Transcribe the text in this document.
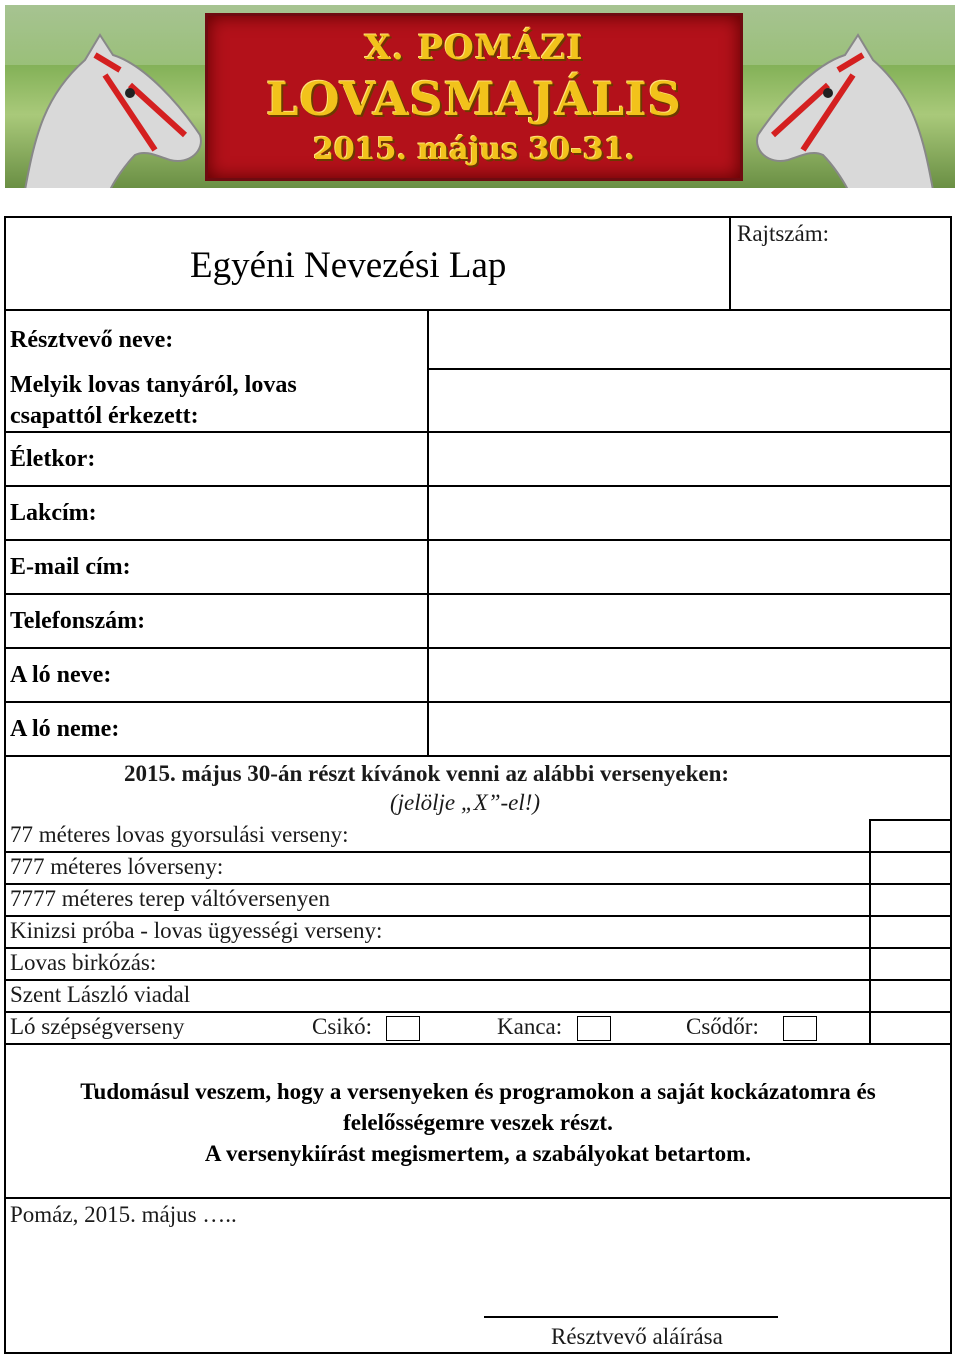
X. POMÁZI
LOVASMAJÁLIS
2015. május 30-31.
Egyéni Nevezési Lap
Rajtszám:
Résztvevő neve:
Melyik lovas tanyáról, lovas
csapattól érkezett:
Életkor:
Lakcím:
E-mail cím:
Telefonszám:
A ló neve:
A ló neme:
2015. május 30-án részt kívánok venni az alábbi versenyeken:
(jelölje „X”-el!)
77 méteres lovas gyorsulási verseny:
777 méteres lóverseny:
7777 méteres terep váltóversenyen
Kinizsi próba - lovas ügyességi verseny:
Lovas birkózás:
Szent László viadal
Ló szépségverseny	Csikó:	Kanca:	Csődőr:
Tudomásul veszem, hogy a versenyeken és programokon a saját kockázatomra és
felelősségemre veszek részt.
A versenykiírást megismertem, a szabályokat betartom.
Pomáz, 2015. május …..
Résztvevő aláírása
